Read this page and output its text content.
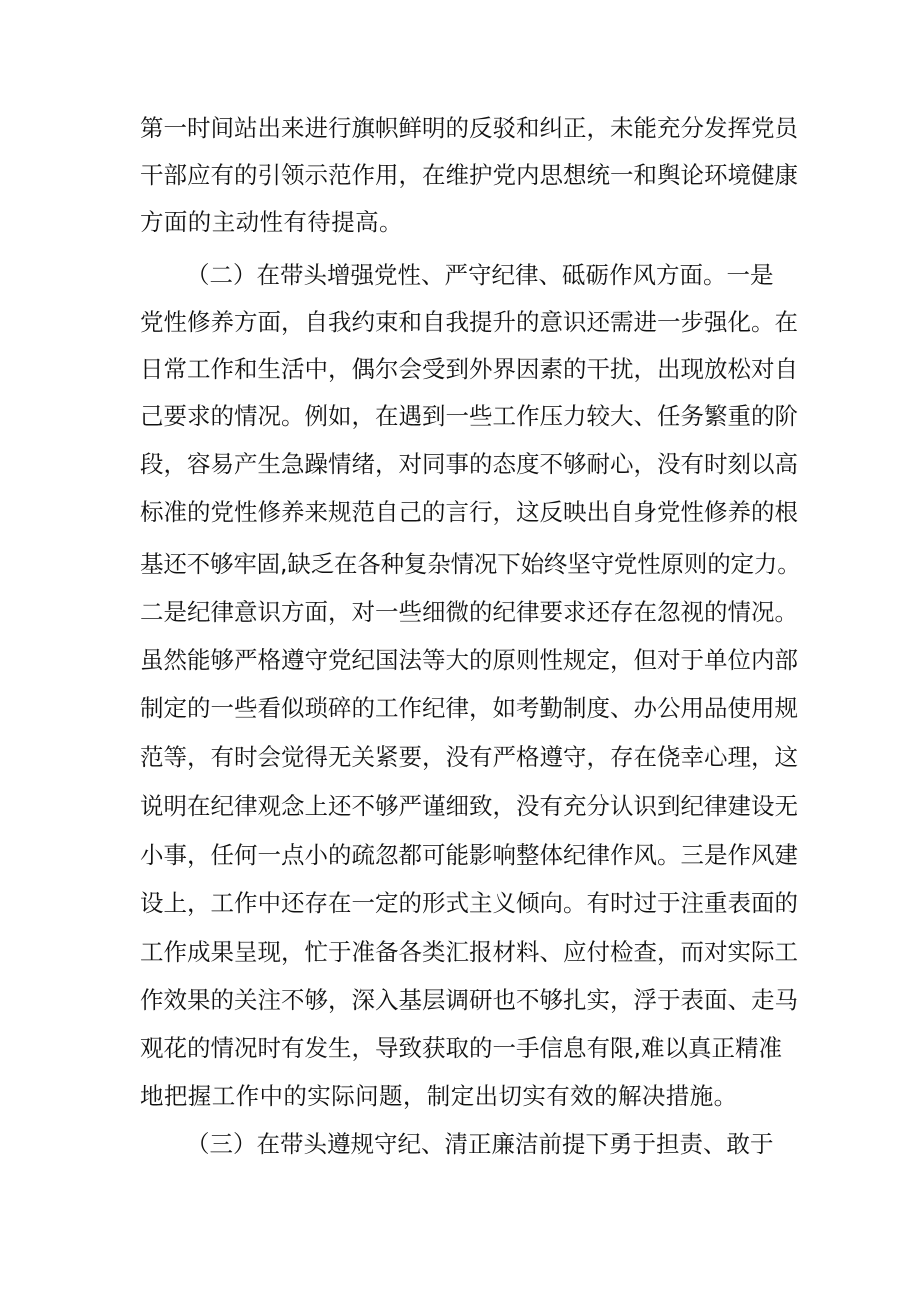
第一时间站出来进行旗帜鲜明的反驳和纠正，未能充分发挥党员
干部应有的引领示范作用，在维护党内思想统一和舆论环境健康
方面的主动性有待提高。
（二）在带头增强党性、严守纪律、砥砺作风方面。一是
党性修养方面，自我约束和自我提升的意识还需进一步强化。在
日常工作和生活中，偶尔会受到外界因素的干扰，出现放松对自
己要求的情况。例如，在遇到一些工作压力较大、任务繁重的阶
段，容易产生急躁情绪，对同事的态度不够耐心，没有时刻以高
标准的党性修养来规范自己的言行，这反映出自身党性修养的根
基还不够牢固,缺乏在各种复杂情况下始终坚守党性原则的定力。
二是纪律意识方面，对一些细微的纪律要求还存在忽视的情况。
虽然能够严格遵守党纪国法等大的原则性规定，但对于单位内部
制定的一些看似琐碎的工作纪律，如考勤制度、办公用品使用规
范等，有时会觉得无关紧要，没有严格遵守，存在侥幸心理，这
说明在纪律观念上还不够严谨细致，没有充分认识到纪律建设无
小事，任何一点小的疏忽都可能影响整体纪律作风。三是作风建
设上，工作中还存在一定的形式主义倾向。有时过于注重表面的
工作成果呈现，忙于准备各类汇报材料、应付检查，而对实际工
作效果的关注不够，深入基层调研也不够扎实，浮于表面、走马
观花的情况时有发生，导致获取的一手信息有限,难以真正精准
地把握工作中的实际问题，制定出切实有效的解决措施。
（三）在带头遵规守纪、清正廉洁前提下勇于担责、敢于
